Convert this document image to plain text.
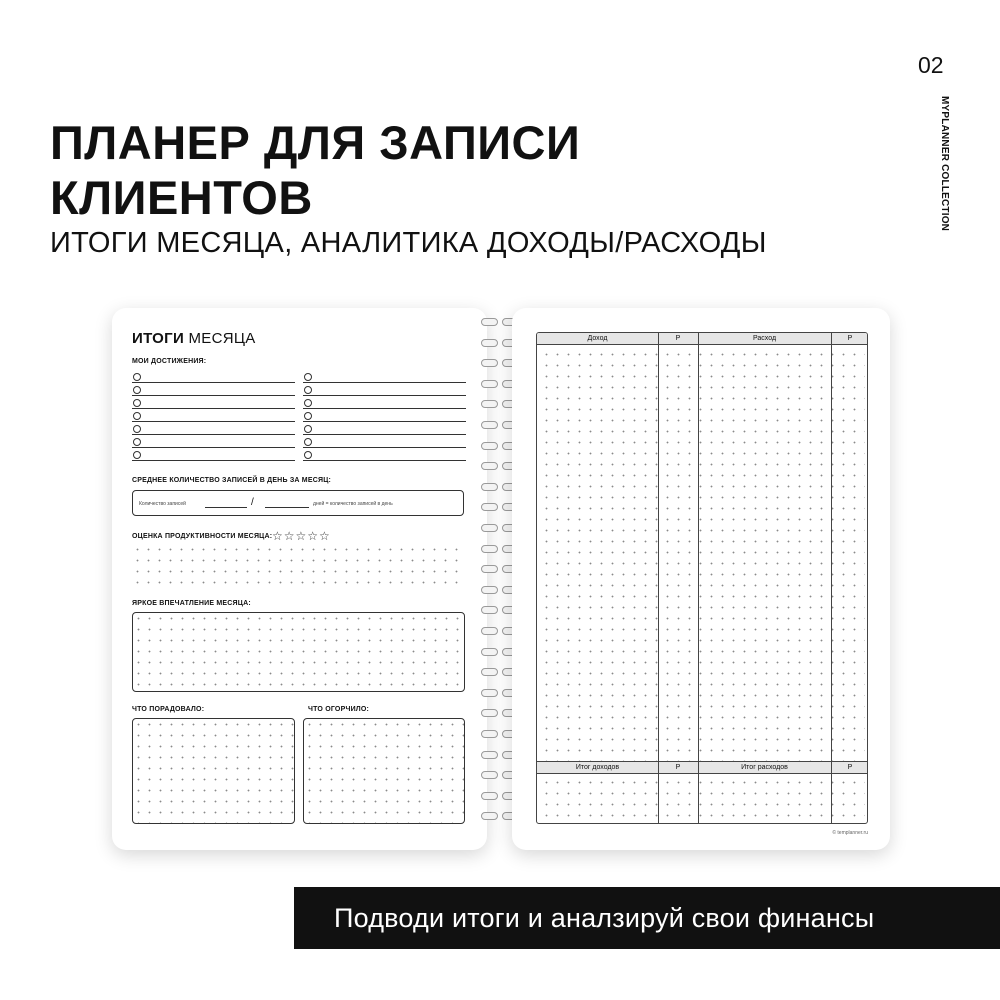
02
MYPLANNER COLLECTION
ПЛАНЕР ДЛЯ ЗАПИСИ
КЛИЕНТОВ
ИТОГИ МЕСЯЦА, АНАЛИТИКА ДОХОДЫ/РАСХОДЫ
ИТОГИ МЕСЯЦА
МОИ ДОСТИЖЕНИЯ:
СРЕДНЕЕ КОЛИЧЕСТВО ЗАПИСЕЙ В ДЕНЬ ЗА МЕСЯЦ:
Количество записей	/	дней = количество записей в день
ОЦЕНКА ПРОДУКТИВНОСТИ МЕСЯЦА: ☆☆☆☆☆
ЯРКОЕ ВПЕЧАТЛЕНИЕ МЕСЯЦА:
ЧТО ПОРАДОВАЛО:	ЧТО ОГОРЧИЛО:
Доход	Р	Расход	Р
Итог доходов	Р	Итог расходов	Р
© templanner.ru
Подводи итоги и аналзируй свои финансы
